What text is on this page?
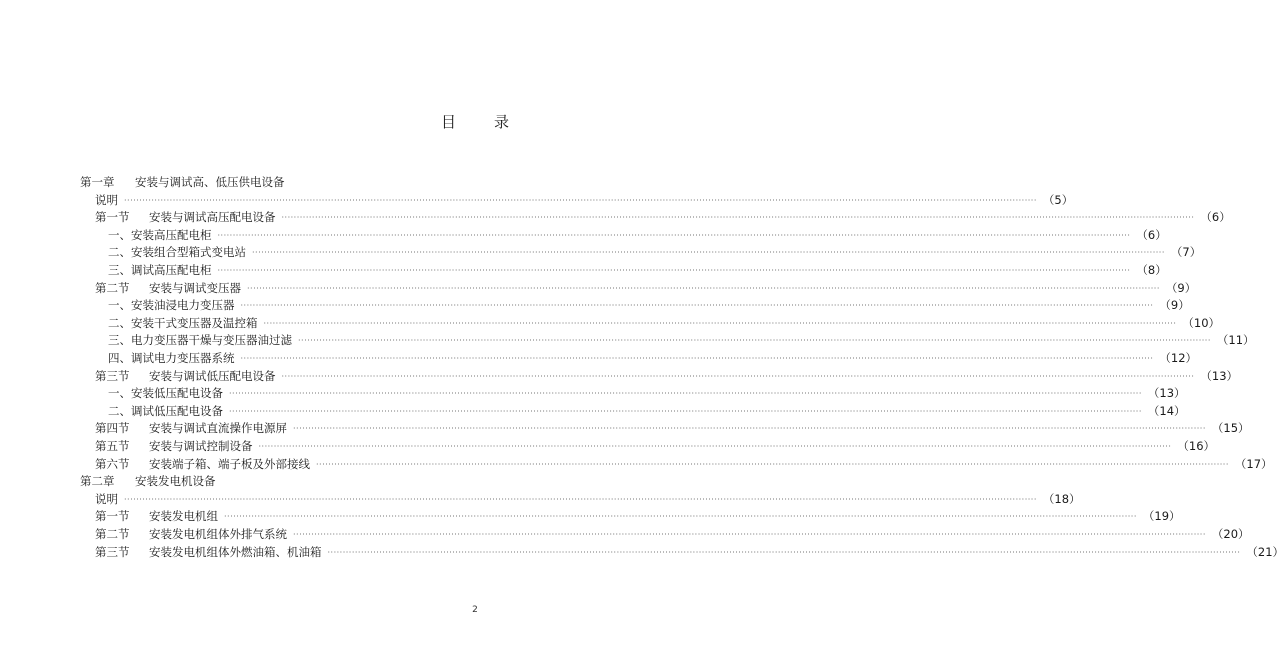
目	录
第一章	安装与调试高、低压供电设备
说明 ············································································································································································································································································································ （5）
第一节	安装与调试高压配电设备 ············································································································································································································································································································ （6）
一、安装高压配电柜 ············································································································································································································································································································ （6）
二、安装组合型箱式变电站 ············································································································································································································································································································ （7）
三、调试高压配电柜 ············································································································································································································································································································ （8）
第二节	安装与调试变压器 ············································································································································································································································································································ （9）
一、安装油浸电力变压器 ············································································································································································································································································································ （9）
二、安装干式变压器及温控箱 ············································································································································································································································································································ （10）
三、电力变压器干燥与变压器油过滤 ············································································································································································································································································································ （11）
四、调试电力变压器系统 ············································································································································································································································································································ （12）
第三节	安装与调试低压配电设备 ············································································································································································································································································································ （13）
一、安装低压配电设备 ············································································································································································································································································································ （13）
二、调试低压配电设备 ············································································································································································································································································································ （14）
第四节	安装与调试直流操作电源屏 ············································································································································································································································································································ （15）
第五节	安装与调试控制设备 ············································································································································································································································································································ （16）
第六节	安装端子箱、端子板及外部接线 ············································································································································································································································································································ （17）
第二章	安装发电机设备
说明 ············································································································································································································································································································ （18）
第一节	安装发电机组 ············································································································································································································································································································ （19）
第二节	安装发电机组体外排气系统 ············································································································································································································································································································ （20）
第三节	安装发电机组体外燃油箱、机油箱 ············································································································································································································································································································ （21）
2
